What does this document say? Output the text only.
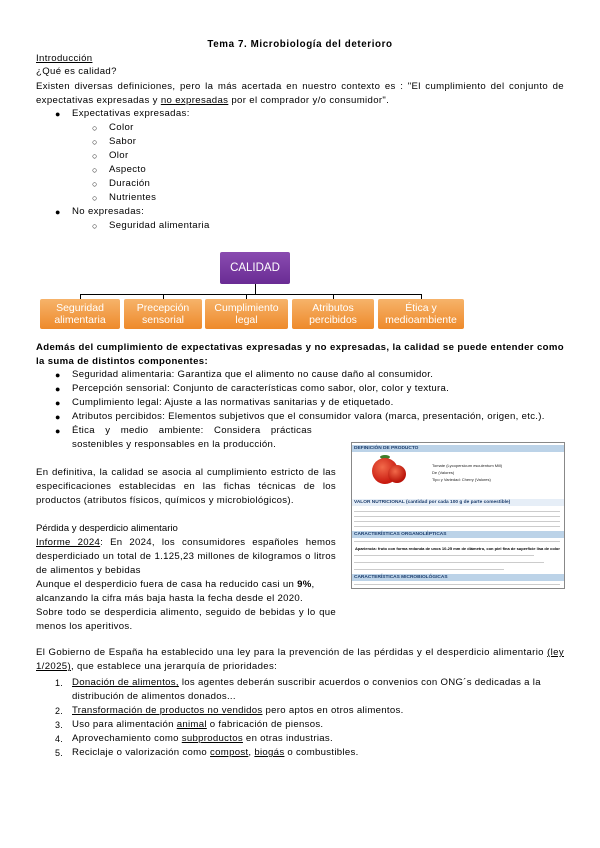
Tema 7. Microbiología del deterioro
Introducción
¿Qué es calidad?
Existen diversas definiciones, pero la más acertada en nuestro contexto es : "El cumplimiento del conjunto de expectativas expresadas y no expresadas por el comprador y/o consumidor".
● Expectativas expresadas:
○ Color
○ Sabor
○ Olor
○ Aspecto
○ Duración
○ Nutrientes
● No expresadas:
○ Seguridad alimentaria
CALIDAD
Seguridad alimentaria
Precepción sensorial
Cumplimiento legal
Atributos percibidos
Ética y medioambiente
Además del cumplimiento de expectativas expresadas y no expresadas, la calidad se puede entender como la suma de distintos componentes:
● Seguridad alimentaria: Garantiza que el alimento no cause daño al consumidor.
● Percepción sensorial: Conjunto de características como sabor, olor, color y textura.
● Cumplimiento legal: Ajuste a las normativas sanitarias y de etiquetado.
● Atributos percibidos: Elementos subjetivos que el consumidor valora (marca, presentación, origen, etc.).
● Ética y medio ambiente: Considera prácticas sostenibles y responsables en la producción.
En definitiva, la calidad se asocia al cumplimiento estricto de las especificaciones establecidas en las fichas técnicas de los productos (atributos físicos, químicos y microbiológicos).
Pérdida y desperdicio alimentario
Informe 2024: En 2024, los consumidores españoles hemos desperdiciado un total de 1.125,23 millones de kilogramos o litros de alimentos y bebidas
Aunque el desperdicio fuera de casa ha reducido casi un 9%, alcanzando la cifra más baja hasta la fecha desde el 2020.
Sobre todo se desperdicia alimento, seguido de bebidas y lo que menos los aperitivos.
DEFINICIÓN DE PRODUCTO
Tomate (Lycopersicum esculentum Mill)
De (Valores)
Tipo y Variedad: Cherry (Valores)
VALOR NUTRICIONAL (cantidad por cada 100 g de parte comestible)
CARACTERÍSTICAS ORGANOLÉPTICAS
Apariencia: fruto con forma redonda de unos 10-25 mm de diámetro, con piel fina de superficie lisa de color
CARACTERÍSTICAS MICROBIOLÓGICAS
El Gobierno de España ha establecido una ley para la prevención de las pérdidas y el desperdicio alimentario (ley 1/2025), que establece una jerarquía de prioridades:
1. Donación de alimentos, los agentes deberán suscribir acuerdos o convenios con ONG´s dedicadas a la distribución de alimentos donados...
2. Transformación de productos no vendidos pero aptos en otros alimentos.
3. Uso para alimentación animal o fabricación de piensos.
4. Aprovechamiento como subproductos en otras industrias.
5. Reciclaje o valorización como compost, biogás o combustibles.
